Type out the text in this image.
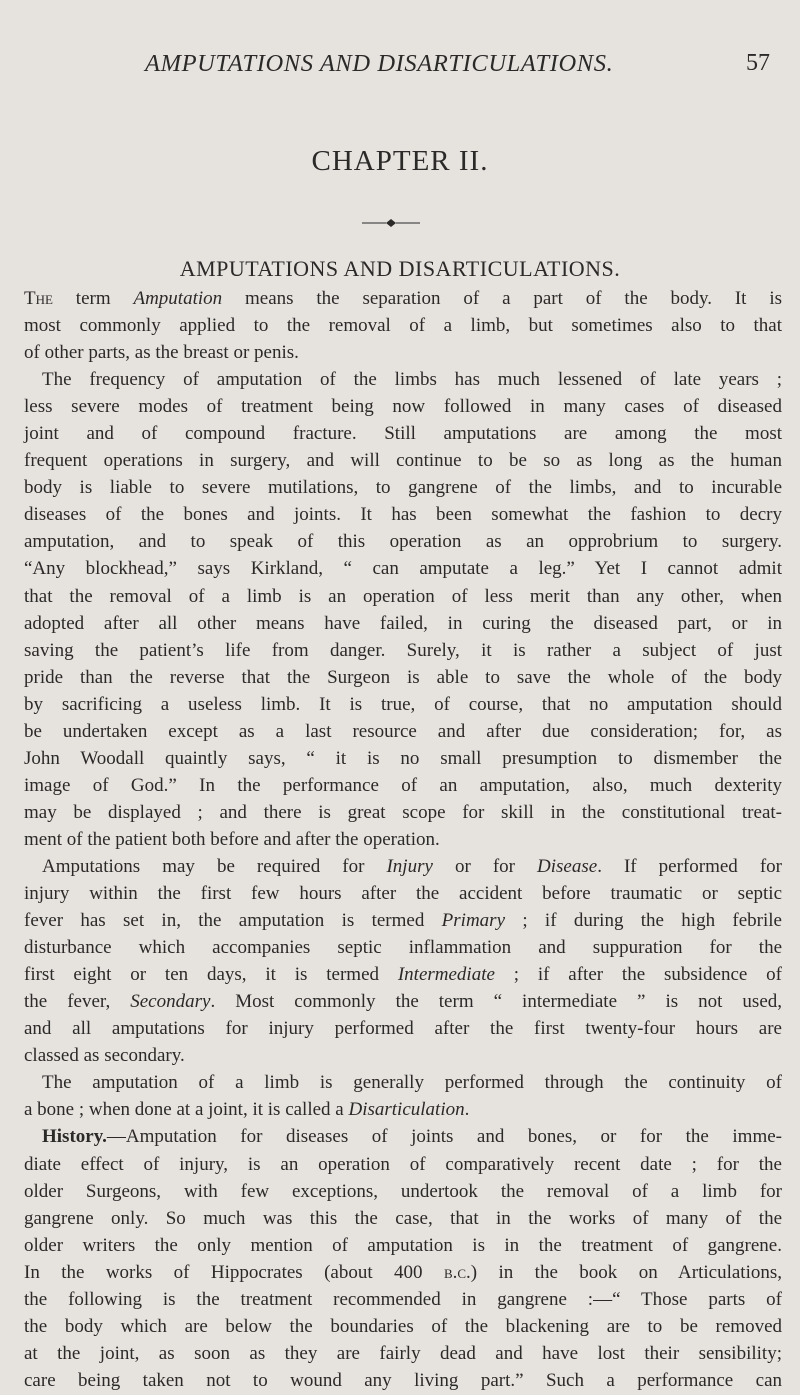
AMPUTATIONS AND DISARTICULATIONS.	57
CHAPTER II.
AMPUTATIONS AND DISARTICULATIONS.
The term Amputation means the separation of a part of the body. It is
most commonly applied to the removal of a limb, but sometimes also to that
of other parts, as the breast or penis.
The frequency of amputation of the limbs has much lessened of late years ;
less severe modes of treatment being now followed in many cases of diseased
joint and of compound fracture. Still amputations are among the most
frequent operations in surgery, and will continue to be so as long as the human
body is liable to severe mutilations, to gangrene of the limbs, and to incurable
diseases of the bones and joints. It has been somewhat the fashion to decry
amputation, and to speak of this operation as an opprobrium to surgery.
“Any blockhead,” says Kirkland, “ can amputate a leg.” Yet I cannot admit
that the removal of a limb is an operation of less merit than any other, when
adopted after all other means have failed, in curing the diseased part, or in
saving the patient’s life from danger. Surely, it is rather a subject of just
pride than the reverse that the Surgeon is able to save the whole of the body
by sacrificing a useless limb. It is true, of course, that no amputation should
be undertaken except as a last resource and after due consideration; for, as
John Woodall quaintly says, “ it is no small presumption to dismember the
image of God.” In the performance of an amputation, also, much dexterity
may be displayed ; and there is great scope for skill in the constitutional treat-
ment of the patient both before and after the operation.
Amputations may be required for Injury or for Disease. If performed for
injury within the first few hours after the accident before traumatic or septic
fever has set in, the amputation is termed Primary ; if during the high febrile
disturbance which accompanies septic inflammation and suppuration for the
first eight or ten days, it is termed Intermediate ; if after the subsidence of
the fever, Secondary. Most commonly the term “ intermediate ” is not used,
and all amputations for injury performed after the first twenty-four hours are
classed as secondary.
The amputation of a limb is generally performed through the continuity of
a bone ; when done at a joint, it is called a Disarticulation.
History.—Amputation for diseases of joints and bones, or for the imme-
diate effect of injury, is an operation of comparatively recent date ; for the
older Surgeons, with few exceptions, undertook the removal of a limb for
gangrene only. So much was this the case, that in the works of many of the
older writers the only mention of amputation is in the treatment of gangrene.
In the works of Hippocrates (about 400 b.c.) in the book on Articulations,
the following is the treatment recommended in gangrene :—“ Those parts of
the body which are below the boundaries of the blackening are to be removed
at the joint, as soon as they are fairly dead and have lost their sensibility;
care being taken not to wound any living part.” Such a performance can
